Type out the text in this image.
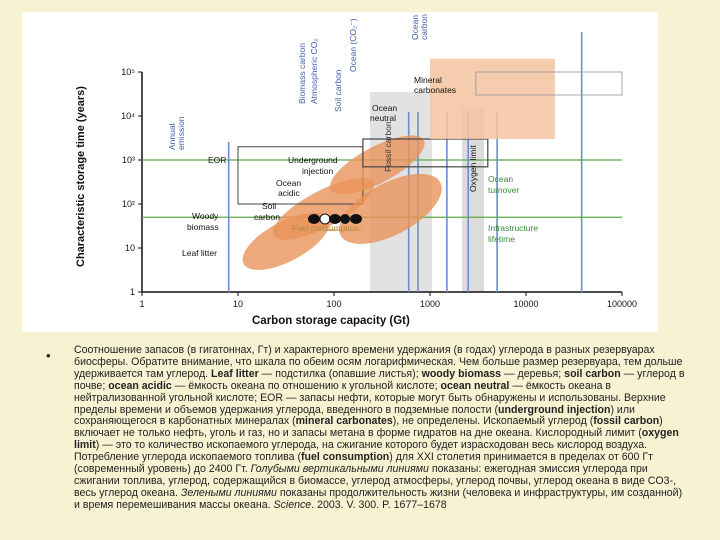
1	10	100	1000	10000	100000
1
10
10²
10³
10⁴
10⁵
Leaf litter
Woody
biomass
EOR
Soil
carbon
Ocean
acidic
Underground
injection
Ocean
neutral
Mineral
carbonates
Fuel consumption
Oxygen limit Ocean
turnover
Infrastructure
lifetime
Annual emission
Biomass carbon Atmospheric CO₂ Soil carbon
Ocean (CO₂⁻)
Fossil carbon
Ocean carbon
Carbon storage capacity (Gt)
Characteristic storage time (years)
• Соотношение запасов (в гигатоннах, Гт) и характерного времени удержания (в годах) углерода в разных резервуарах биосферы. Обратите внимание, что шкала по обеим осям логарифмическая. Чем больше размер резервуара, тем дольше удерживается там углерод. Leaf litter — подстилка (опавшие листья); woody biomass — деревья; soil carbon — углерод в почве; ocean acidic — ёмкость океана по отношению к угольной кислоте; ocean neutral — ёмкость океана в нейтрализованной угольной кислоте; EOR — запасы нефти, которые могут быть обнаружены и использованы. Верхние пределы времени и объемов удержания углерода, введенного в подземные полости (underground injection) или сохраняющегося в карбонатных минералах (mineral carbonates), не определены. Ископаемый углерод (fossil carbon) включает не только нефть, уголь и газ, но и запасы метана в форме гидратов на дне океана. Кислородный лимит (oxygen limit) — это то количество ископаемого углерода, на сжигание которого будет израсходован весь кислород воздуха. Потребление углерода ископаемого топлива (fuel consumption) для XXI столетия принимается в пределах от 600 Гт (современный уровень) до 2400 Гт. Голубыми вертикальными линиями показаны: ежегодная эмиссия углерода при сжигании топлива, углерод, содержащийся в биомассе, углерод атмосферы, углерод почвы, углерод океана в виде CO3-, весь углерод океана. Зелеными линиями показаны продолжительность жизни (человека и инфраструктуры, им созданной) и время перемешивания массы океана. Science. 2003. V. 300. P. 1677–1678
